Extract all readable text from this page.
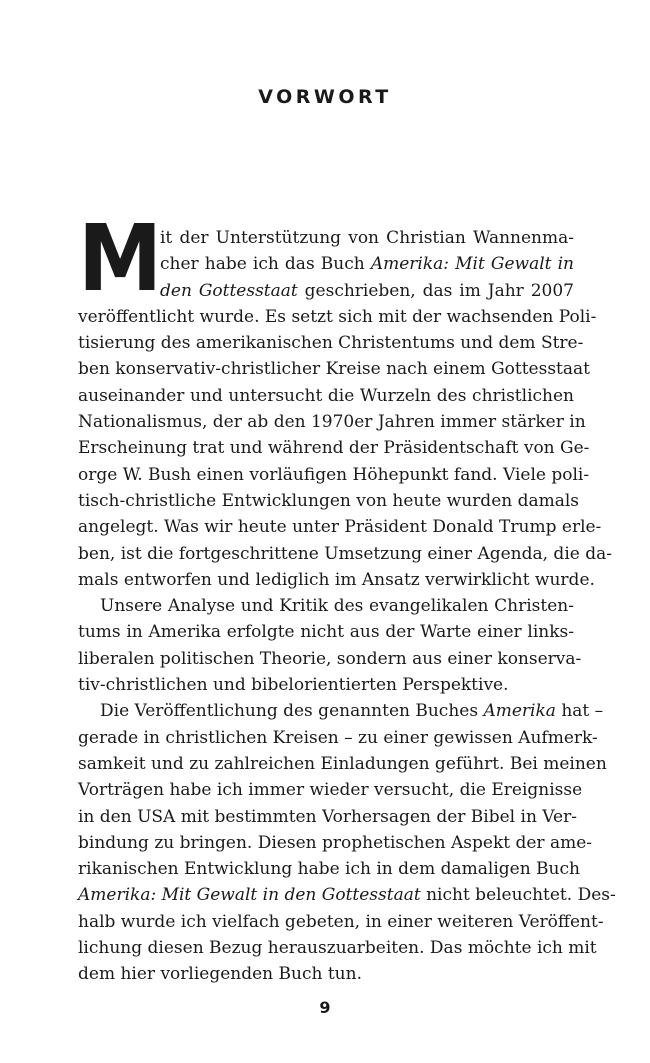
VORWORT
M it der Unterstützung von Christian Wannenma-
cher habe ich das Buch Amerika: Mit Gewalt in
den Gottesstaat geschrieben, das im Jahr 2007
veröffentlicht wurde. Es setzt sich mit der wachsenden Poli-
tisierung des amerikanischen Christentums und dem Stre-
ben konservativ-christlicher Kreise nach einem Gottesstaat
auseinander und untersucht die Wurzeln des christlichen
Nationalismus, der ab den 1970er Jahren immer stärker in
Erscheinung trat und während der Präsidentschaft von Ge-
orge W. Bush einen vorläufigen Höhepunkt fand. Viele poli-
tisch-christliche Entwicklungen von heute wurden damals
angelegt. Was wir heute unter Präsident Donald Trump erle-
ben, ist die fortgeschrittene Umsetzung einer Agenda, die da-
mals entworfen und lediglich im Ansatz verwirklicht wurde.
Unsere Analyse und Kritik des evangelikalen Christen-
tums in Amerika erfolgte nicht aus der Warte einer links-
liberalen politischen Theorie, sondern aus einer konserva-
tiv-christlichen und bibelorientierten Perspektive.
Die Veröffentlichung des genannten Buches Amerika hat –
gerade in christlichen Kreisen – zu einer gewissen Aufmerk-
samkeit und zu zahlreichen Einladungen geführt. Bei meinen
Vorträgen habe ich immer wieder versucht, die Ereignisse
in den USA mit bestimmten Vorhersagen der Bibel in Ver-
bindung zu bringen. Diesen prophetischen Aspekt der ame-
rikanischen Entwicklung habe ich in dem damaligen Buch
Amerika: Mit Gewalt in den Gottesstaat nicht beleuchtet. Des-
halb wurde ich vielfach gebeten, in einer weiteren Veröffent-
lichung diesen Bezug herauszuarbeiten. Das möchte ich mit
dem hier vorliegenden Buch tun.
9
